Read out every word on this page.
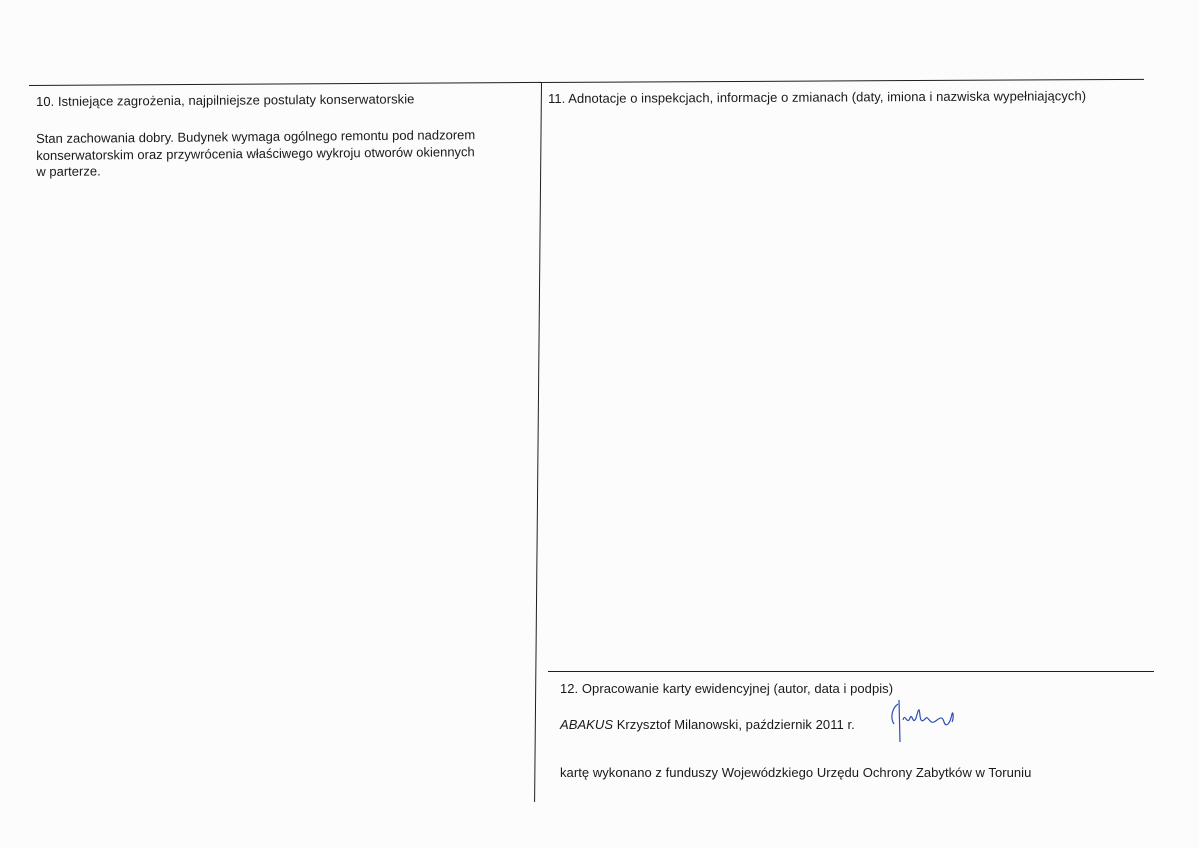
10. Istniejące zagrożenia, najpilniejsze postulaty konserwatorskie
Stan zachowania dobry. Budynek wymaga ogólnego remontu pod nadzorem
konserwatorskim oraz przywrócenia właściwego wykroju otworów okiennych
w parterze.
11. Adnotacje o inspekcjach, informacje o zmianach (daty, imiona i nazwiska wypełniających)
12. Opracowanie karty ewidencyjnej (autor, data i podpis)
ABAKUS Krzysztof Milanowski, październik 2011 r.
kartę wykonano z funduszy Wojewódzkiego Urzędu Ochrony Zabytków w Toruniu
